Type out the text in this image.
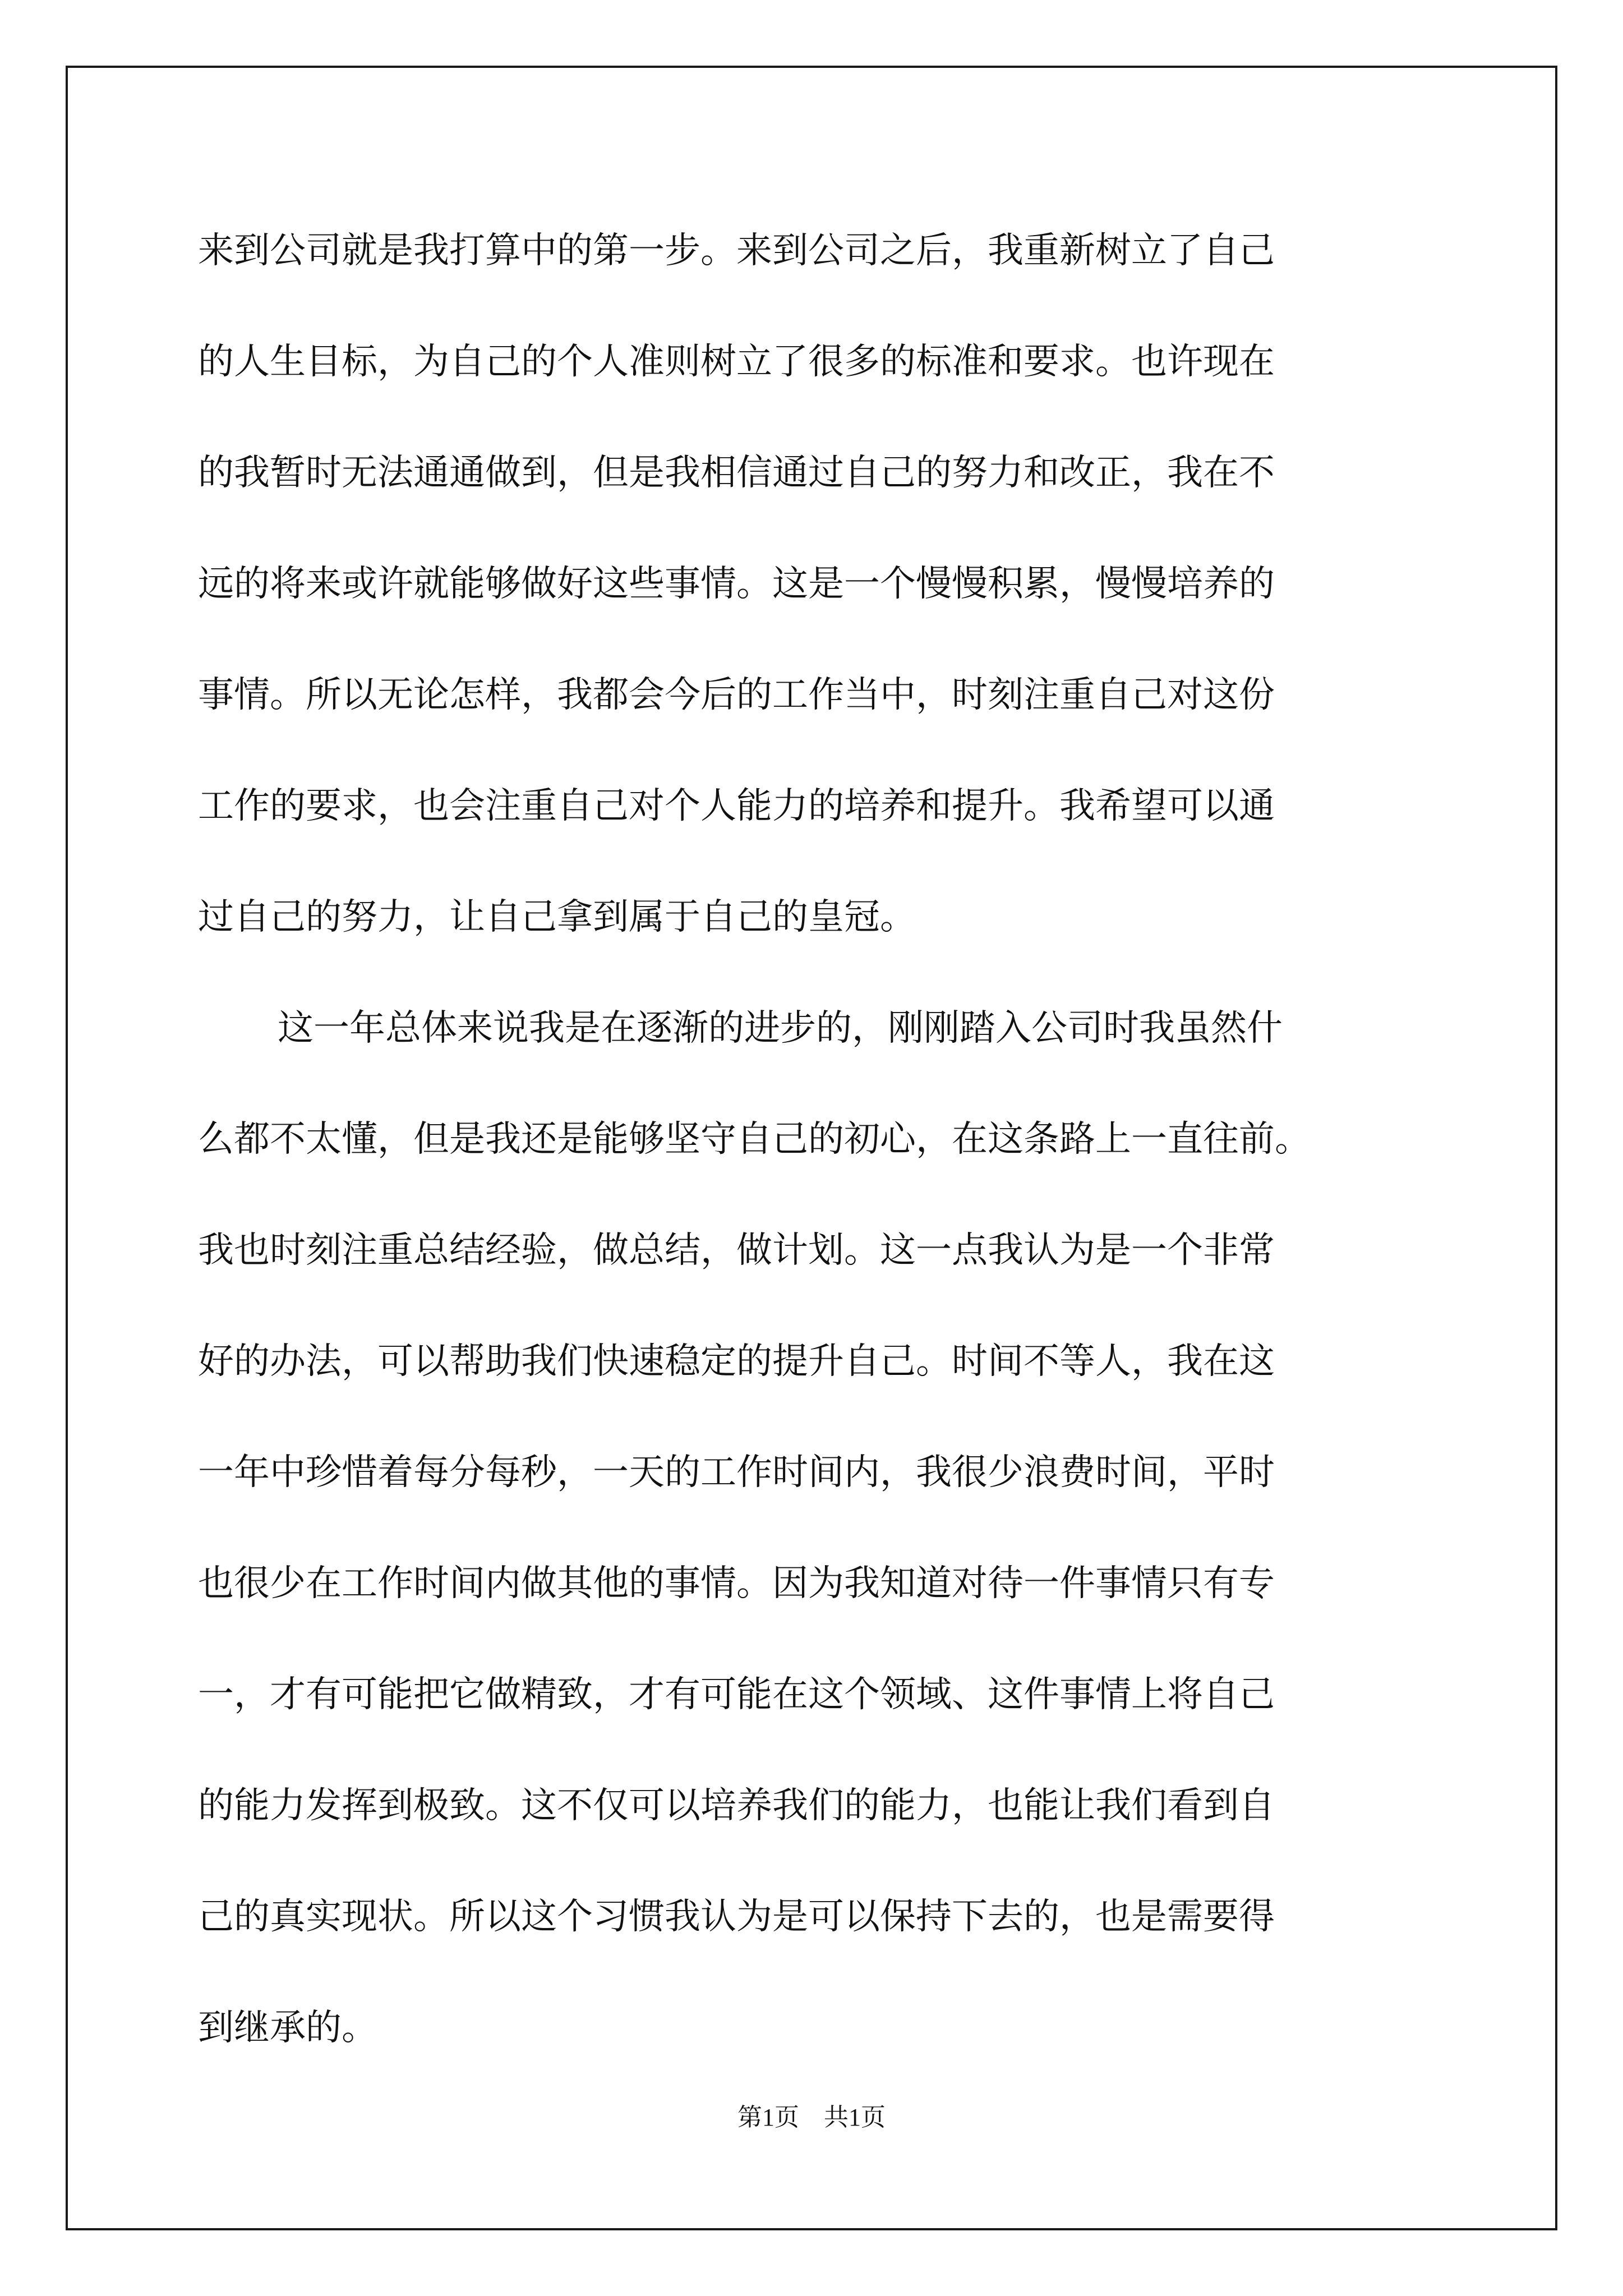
来到公司就是我打算中的第一步。来到公司之后，我重新树立了自己
的人生目标，为自己的个人准则树立了很多的标准和要求。也许现在
的我暂时无法通通做到，但是我相信通过自己的努力和改正，我在不
远的将来或许就能够做好这些事情。这是一个慢慢积累，慢慢培养的
事情。所以无论怎样，我都会今后的工作当中，时刻注重自己对这份
工作的要求，也会注重自己对个人能力的培养和提升。我希望可以通
过自己的努力，让自己拿到属于自己的皇冠。
这一年总体来说我是在逐渐的进步的，刚刚踏入公司时我虽然什
么都不太懂，但是我还是能够坚守自己的初心，在这条路上一直往前。
我也时刻注重总结经验，做总结，做计划。这一点我认为是一个非常
好的办法，可以帮助我们快速稳定的提升自己。时间不等人，我在这
一年中珍惜着每分每秒，一天的工作时间内，我很少浪费时间，平时
也很少在工作时间内做其他的事情。因为我知道对待一件事情只有专
一，才有可能把它做精致，才有可能在这个领域、这件事情上将自己
的能力发挥到极致。这不仅可以培养我们的能力，也能让我们看到自
己的真实现状。所以这个习惯我认为是可以保持下去的，也是需要得
到继承的。
第1页　共1页
